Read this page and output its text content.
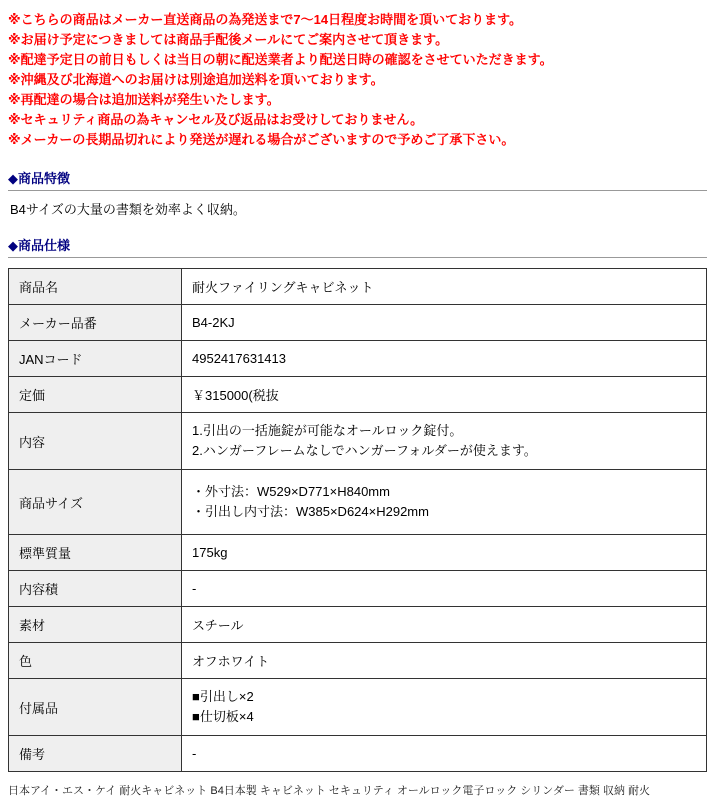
※こちらの商品はメーカー直送商品の為発送まで7〜14日程度お時間を頂いております。
※お届け予定につきましては商品手配後メールにてご案内させて頂きます。
※配達予定日の前日もしくは当日の朝に配送業者より配送日時の確認をさせていただきます。
※沖縄及び北海道へのお届けは別途追加送料を頂いております。
※再配達の場合は追加送料が発生いたします。
※セキュリティ商品の為キャンセル及び返品はお受けしておりません。
※メーカーの長期品切れにより発送が遅れる場合がございますので予めご了承下さい。
◆商品特徴
B4サイズの大量の書類を効率よく収納。
◆商品仕様
商品名	耐火ファイリングキャビネット
メーカー品番	B4-2KJ
JANコード	4952417631413
定価	￥315000(税抜
内容	1.引出の一括施錠が可能なオールロック錠付。
2.ハンガーフレームなしでハンガーフォルダーが使えます。

商品サイズ	・外寸法：W529×D771×H840mm
・引出し内寸法：W385×D624×H292mm

標準質量	175kg
内容積	-
素材	スチール
色	オフホワイト
付属品	■引出し×2
■仕切板×4

備考	-
日本アイ・エス・ケイ 耐火キャビネット B4日本製 キャビネット セキュリティ オールロック電子ロック シリンダー 書類 収納 耐火
